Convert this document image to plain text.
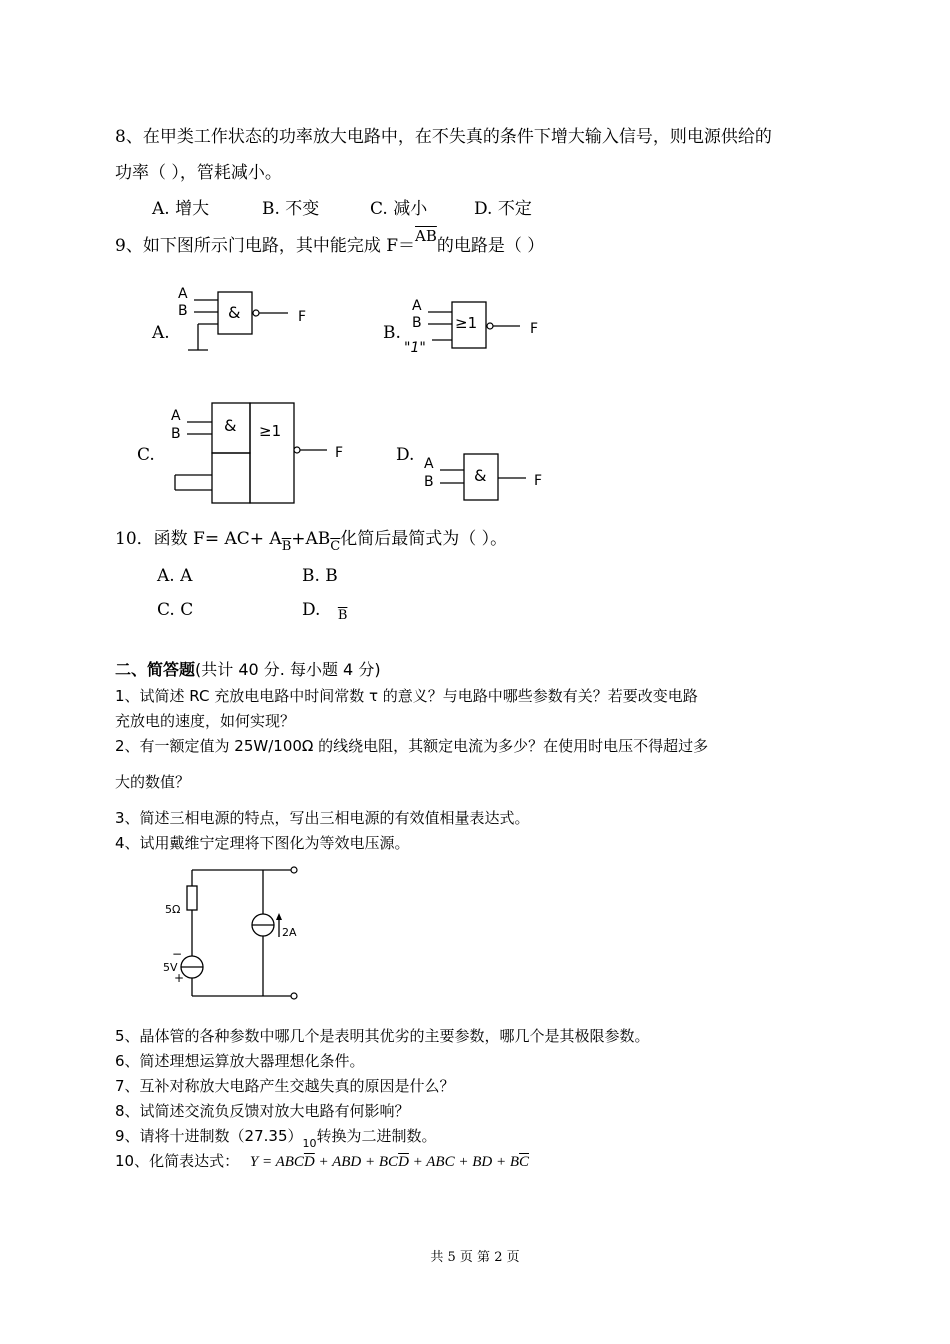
8、在甲类工作状态的功率放大电路中，在不失真的条件下增大输入信号，则电源供给的
功率（ ），管耗减小。
A. 增大	B. 不变	C. 减小	D. 不定
9、如下图所示门电路，其中能完成 $F=\overline{AB}$的电路是（ ）
A.	B.
C.	D.
A
B	&	F
A
B
"1"
≥1	F
A
B	& ≥1
F
A
B	&	F
10．函数 $F= AC+ A_{\overline{B}}+AB_{\overline{C}}$化简后最简式为（ ）。
A. A	B. B
C. C	D. $_{\overline{B}}$
二、简答题(共计 40 分. 每小题 4 分)
1、试简述 RC 充放电电路中时间常数 τ 的意义？与电路中哪些参数有关？若要改变电路
充放电的速度，如何实现？
2、有一额定值为 25W/100Ω 的线绕电阻，其额定电流为多少？在使用时电压不得超过多
大的数值？
3、简述三相电源的特点，写出三相电源的有效值相量表达式。
4、试用戴维宁定理将下图化为等效电压源。
5Ω
−
5V
+
2A
5、晶体管的各种参数中哪几个是表明其优劣的主要参数，哪几个是其极限参数。
6、简述理想运算放大器理想化条件。
7、互补对称放大电路产生交越失真的原因是什么？
8、试简述交流负反馈对放大电路有何影响？
9、请将十进制数$(27.35)_{10}$转换为二进制数。
10、化简表达式： $Y = ABC\overline{D}$ + ABD + $BC\overline{D}$ + ABC + BD + $B\overline{C}$
共 5 页 第 2 页
